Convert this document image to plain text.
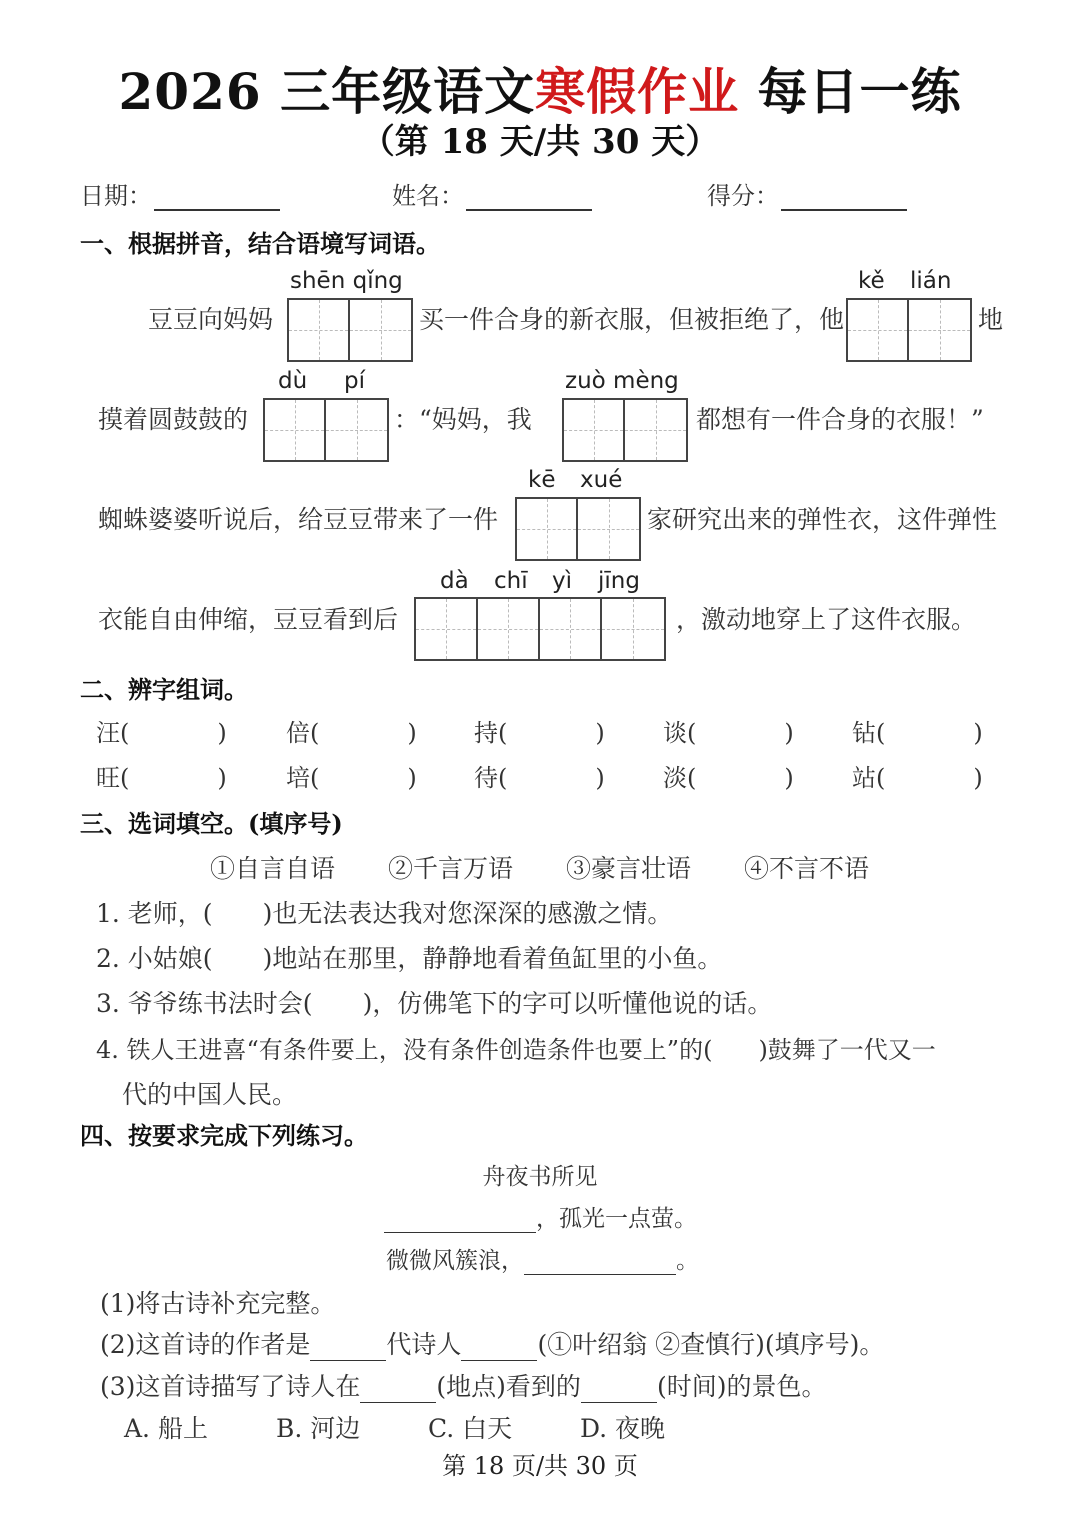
2026 三年级语文寒假作业 每日一练
（第 18 天/共 30 天）
日期：	姓名：	得分：
一、根据拼音，结合语境写词语。
shēn qǐng	kě lián
豆豆向妈妈	买一件合身的新衣服，但被拒绝了，他	地
dù pí	zuò mèng
摸着圆鼓鼓的	：“妈妈，我	都想有一件合身的衣服！”
kē xué
蜘蛛婆婆听说后，给豆豆带来了一件	家研究出来的弹性衣，这件弹性
dà chī yì jīng
衣能自由伸缩，豆豆看到后	，激动地穿上了这件衣服。
二、辨字组词。
汪(	) 倍(	) 持(	) 谈(	) 钻(	)
旺(	) 培(	) 待(	) 淡(	) 站(	)
三、选词填空。(填序号)
①自言自语 ②千言万语 ③豪言壮语 ④不言不语
1. 老师，( )也无法表达我对您深深的感激之情。
2. 小姑娘( )地站在那里，静静地看着鱼缸里的小鱼。
3. 爷爷练书法时会( )，仿佛笔下的字可以听懂他说的话。
4. 铁人王进喜“有条件要上，没有条件创造条件也要上”的( )鼓舞了一代又一
代的中国人民。
四、按要求完成下列练习。
舟夜书所见
，孤光一点萤。
微微风簇浪，	。
(1)将古诗补充完整。
(2)这首诗的作者是	代诗人	(①叶绍翁 ②查慎行)(填序号)。
(3)这首诗描写了诗人在	(地点)看到的	(时间)的景色。
A. 船上	B. 河边	C. 白天	D. 夜晚
第 18 页/共 30 页
